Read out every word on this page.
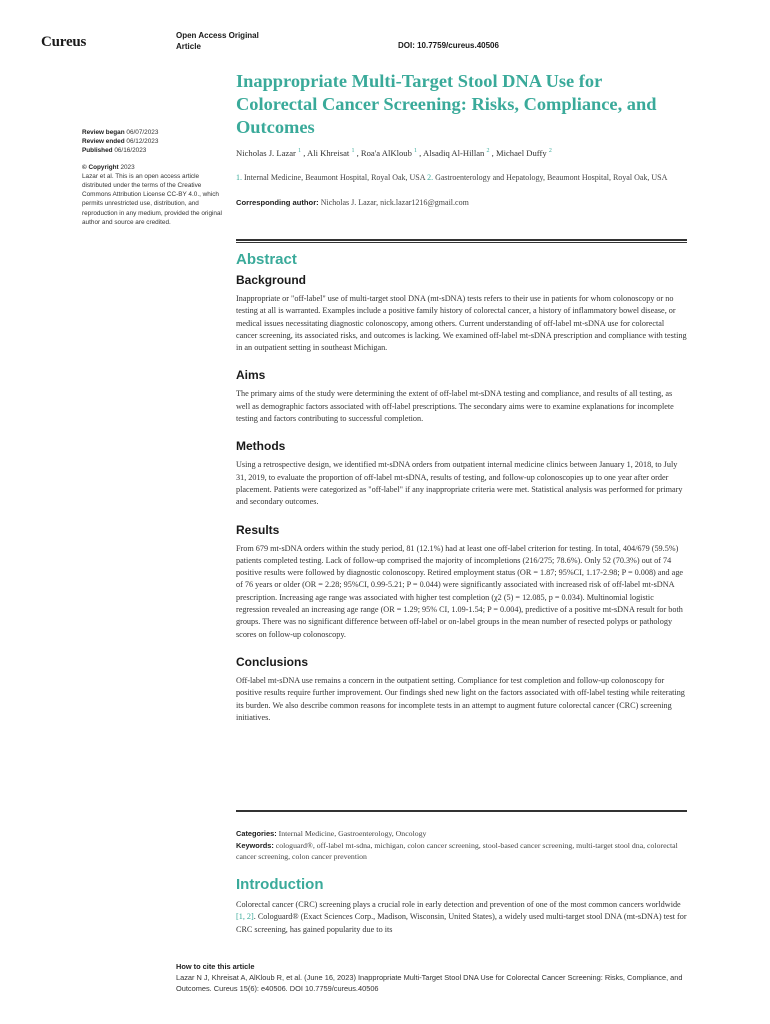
Cureus	Open Access Original
Article	DOI: 10.7759/cureus.40506
Review began 06/07/2023
Review ended 06/12/2023
Published 06/16/2023
© Copyright 2023
Lazar et al. This is an open access article distributed under the terms of the Creative Commons Attribution License CC-BY 4.0., which permits unrestricted use, distribution, and reproduction in any medium, provided the original author and source are credited.
Inappropriate Multi-Target Stool DNA Use for Colorectal Cancer Screening: Risks, Compliance, and Outcomes
Nicholas J. Lazar $^1$ , Ali Khreisat $^1$ , Roa'a AlKloub $^1$ , Alsadiq Al-Hillan $^2$ , Michael Duffy $^2$
1. Internal Medicine, Beaumont Hospital, Royal Oak, USA 2. Gastroenterology and Hepatology, Beaumont Hospital, Royal Oak, USA
Corresponding author: Nicholas J. Lazar, nick.lazar1216@gmail.com
Abstract
Background

Inappropriate or "off-label" use of multi-target stool DNA (mt-sDNA) tests refers to their use in patients for whom colonoscopy or no testing at all is warranted. Examples include a positive family history of colorectal cancer, a history of inflammatory bowel disease, or medical issues necessitating diagnostic colonoscopy, among others. Current understanding of off-label mt-sDNA use for colorectal cancer screening, its associated risks, and outcomes is lacking. We examined off-label mt-sDNA prescription and compliance with testing in an outpatient setting in southeast Michigan.

Aims

The primary aims of the study were determining the extent of off-label mt-sDNA testing and compliance, and results of all testing, as well as demographic factors associated with off-label prescriptions. The secondary aims were to examine explanations for incomplete testing and factors contributing to successful completion.

Methods

Using a retrospective design, we identified mt-sDNA orders from outpatient internal medicine clinics between January 1, 2018, to July 31, 2019, to evaluate the proportion of off-label mt-sDNA, results of testing, and follow-up colonoscopies up to one year after order placement. Patients were categorized as "off-label" if any inappropriate criteria were met. Statistical analysis was performed for primary and secondary outcomes.

Results

From 679 mt-sDNA orders within the study period, 81 (12.1%) had at least one off-label criterion for testing. In total, 404/679 (59.5%) patients completed testing. Lack of follow-up comprised the majority of incompletions (216/275; 78.6%). Only 52 (70.3%) out of 74 positive results were followed by diagnostic colonoscopy. Retired employment status (OR = 1.87; 95%CI, 1.17-2.98; P = 0.008) and age of 76 years or older (OR = 2.28; 95%CI, 0.99-5.21; P = 0.044) were significantly associated with increased risk of off-label mt-sDNA prescription. Increasing age range was associated with higher test completion (χ2 (5) = 12.085, p = 0.034). Multinomial logistic regression revealed an increasing age range (OR = 1.29; 95% CI, 1.09-1.54; P = 0.004), predictive of a positive mt-sDNA result for both groups. There was no significant difference between off-label or on-label groups in the mean number of resected polyps or pathology scores on follow-up colonoscopy.

Conclusions

Off-label mt-sDNA use remains a concern in the outpatient setting. Compliance for test completion and follow-up colonoscopy for positive results require further improvement. Our findings shed new light on the factors associated with off-label testing while reiterating its burden. We also describe common reasons for incomplete tests in an attempt to augment future colorectal cancer (CRC) screening initiatives.

Categories: Internal Medicine, Gastroenterology, Oncology
Keywords: cologuard®, off-label mt-sdna, michigan, colon cancer screening, stool-based cancer screening, multi-target stool dna, colorectal cancer screening, colon cancer prevention
Introduction

Colorectal cancer (CRC) screening plays a crucial role in early detection and prevention of one of the most common cancers worldwide [1, 2]. Cologuard® (Exact Sciences Corp., Madison, Wisconsin, United States), a widely used multi-target stool DNA (mt-sDNA) test for CRC screening, has gained popularity due to its

How to cite this article
Lazar N J, Khreisat A, AlKloub R, et al. (June 16, 2023) Inappropriate Multi-Target Stool DNA Use for Colorectal Cancer Screening: Risks, Compliance, and Outcomes. Cureus 15(6): e40506. DOI 10.7759/cureus.40506
